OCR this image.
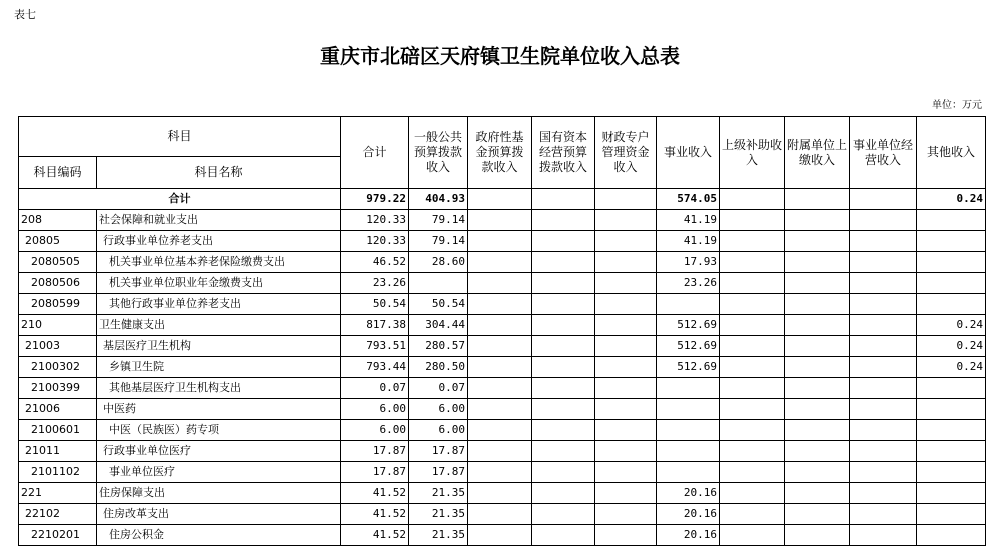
表七
重庆市北碚区天府镇卫生院单位收入总表
单位：万元
科目		合计	一般公共预算拨款收入	政府性基金预算拨款收入	国有资本经营预算拨款收入	财政专户管理资金收入	事业收入	上级补助收入	附属单位上缴收入	事业单位经营收入	其他收入
科目编码	科目名称										
合计		979.22	404.93				574.05				0.24
208	社会保障和就业支出	120.33	79.14				41.19				
20805	行政事业单位养老支出	120.33	79.14				41.19				
2080505	机关事业单位基本养老保险缴费支出	46.52	28.60				17.93				
2080506	机关事业单位职业年金缴费支出	23.26					23.26				
2080599	其他行政事业单位养老支出	50.54	50.54								
210	卫生健康支出	817.38	304.44				512.69				0.24
21003	基层医疗卫生机构	793.51	280.57				512.69				0.24
2100302	乡镇卫生院	793.44	280.50				512.69				0.24
2100399	其他基层医疗卫生机构支出	0.07	0.07								
21006	中医药	6.00	6.00								
2100601	中医（民族医）药专项	6.00	6.00								
21011	行政事业单位医疗	17.87	17.87								
2101102	事业单位医疗	17.87	17.87								
221	住房保障支出	41.52	21.35				20.16				
22102	住房改革支出	41.52	21.35				20.16				
2210201	住房公积金	41.52	21.35				20.16				
